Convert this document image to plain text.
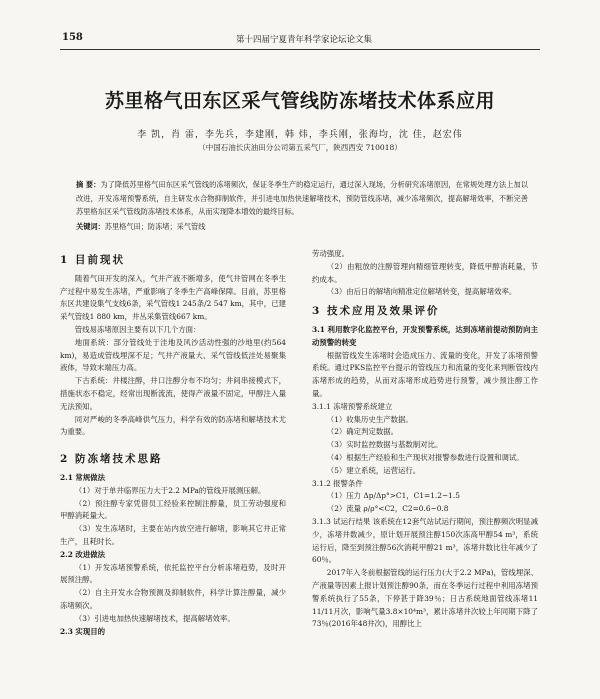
158	第十四届宁夏青年科学家论坛论文集
苏里格气田东区采气管线防冻堵技术体系应用
李 凯，肖 雷，李先兵，李建刚，韩 炜，李兵刚，张海均，沈 佳，赵宏伟
（中国石油长庆油田分公司第五采气厂，陕西西安 710018）
摘 要：为了降低苏里格气田东区采气管线的冻堵频次，保证冬季生产的稳定运行，通过深入现场，分析研究冻堵原因，在常规处理方法上加以改进，开发冻堵预警系统，自主研发水合物抑制软件，并引进电加热快速解堵技术，预防管线冻堵，减少冻堵频次，提高解堵效率，不断完善苏里格东区采气管线防冻堵技术体系，从而实现降本增效的最终目标。
关键词：苏里格气田；防冻堵；采气管线
1 目前现状

随着气田开发的深入，气井产液不断增多，使气井管网在冬季生产过程中易发生冻堵，严重影响了冬季生产高峰保障。目前，苏里格东区共建设集气支线6条，采气管线1 245条/2 547 km，其中，已建采气管线1 880 km，井丛采集管线667 km。

管线易冻堵原因主要有以下几个方面：

地面系统：部分管线处于洼地及风沙活动性强的沙地里(约564 km)，易造成管线埋深不足；气井产液量大、采气管线低洼处易聚集液体，导致末端压力高。

下古系统：井楼注醇，井口注醇分布不均匀；井间串接模式下，措施状态不稳定，经常出现断流流，使得产液量不固定，甲醇注入量无法预知。

同对严峻的冬季高峰供气压力，科学有效的防冻堵和解堵技术尤为重要。

2 防冻堵技术思路

2.1 常规做法

（1）对于单井临界压力大于2.2 MPa的管线开展测压解。

（2）预注醇专家凭借员工经验来控制注醇量，员工劳动强度和甲醇消耗量大。

（3）发生冻堵时，主要在站内放空进行解堵，影响其它井正常生产，且耗时长。

2.2 改进做法

（1）开发冻堵预警系统，依托监控平台分析冻堵趋势，及时开展预注醇。

（2）自主开发水合物预测及抑制软件，科学计算注醇量，减少冻堵频次。

（3）引进电加热快速解堵技术，提高解堵效率。

2.3 实现目的

劳动强度。

（2）由粗放的注醇管理向精细管理转变，降低甲醇消耗量，节约成本。

（3）由后日的解堵向精准定位解堵转变，提高解堵效率。

3 技术应用及效果评价

3.1 利用数字化监控平台，开发预警系统，达到冻堵前提动预防向主动预警的转变

根据管线发生冻堵时会造成压力、流量的变化，开发了冻堵预警系统。通过PKS监控平台提示的管线压力和流量的变化来判断管线内冻堵形成的趋势，从而对冻堵形成趋势进行预警，减少预注醇工作量。

3.1.1 冻堵预警系统建立

（1）收集历史生产数据。

（2）确定判定数据。

（3）实时监控数据与基数制对比。

（4）根据生产经验和生产现状对报警参数进行设置和调试。

（5）建立系统，运营运行。

3.1.2 报警条件

（1）压力 Δp/Δp°>C1，C1=1.2~1.5

（2）流量 ρ/ρ°<C2，C2=0.6~0.8

3.1.3 试运行结果 该系统在12套气站试运行期间，预注醇频次明显减少，冻堵井数减少，原计划开展预注醇150次冻高甲醇54 m³，系统运行后，降至到预注醇56次消耗甲醇21 m³，冻堵井数比往年减少了60％。

2017年入冬前根据管线的运行压力(大于2.2 MPa)，管线埋深、产液量等因素上报计划预注醇90条，而在冬季运行过程中利用冻堵预警系统执行了55条，下停甚于降39％；日古系统地面管线冻堵11 11/11月次，影响气量3.8×10⁴m³，累计冻堵井次较上年同期下降了73％(2016年48井次)，用醇比上
